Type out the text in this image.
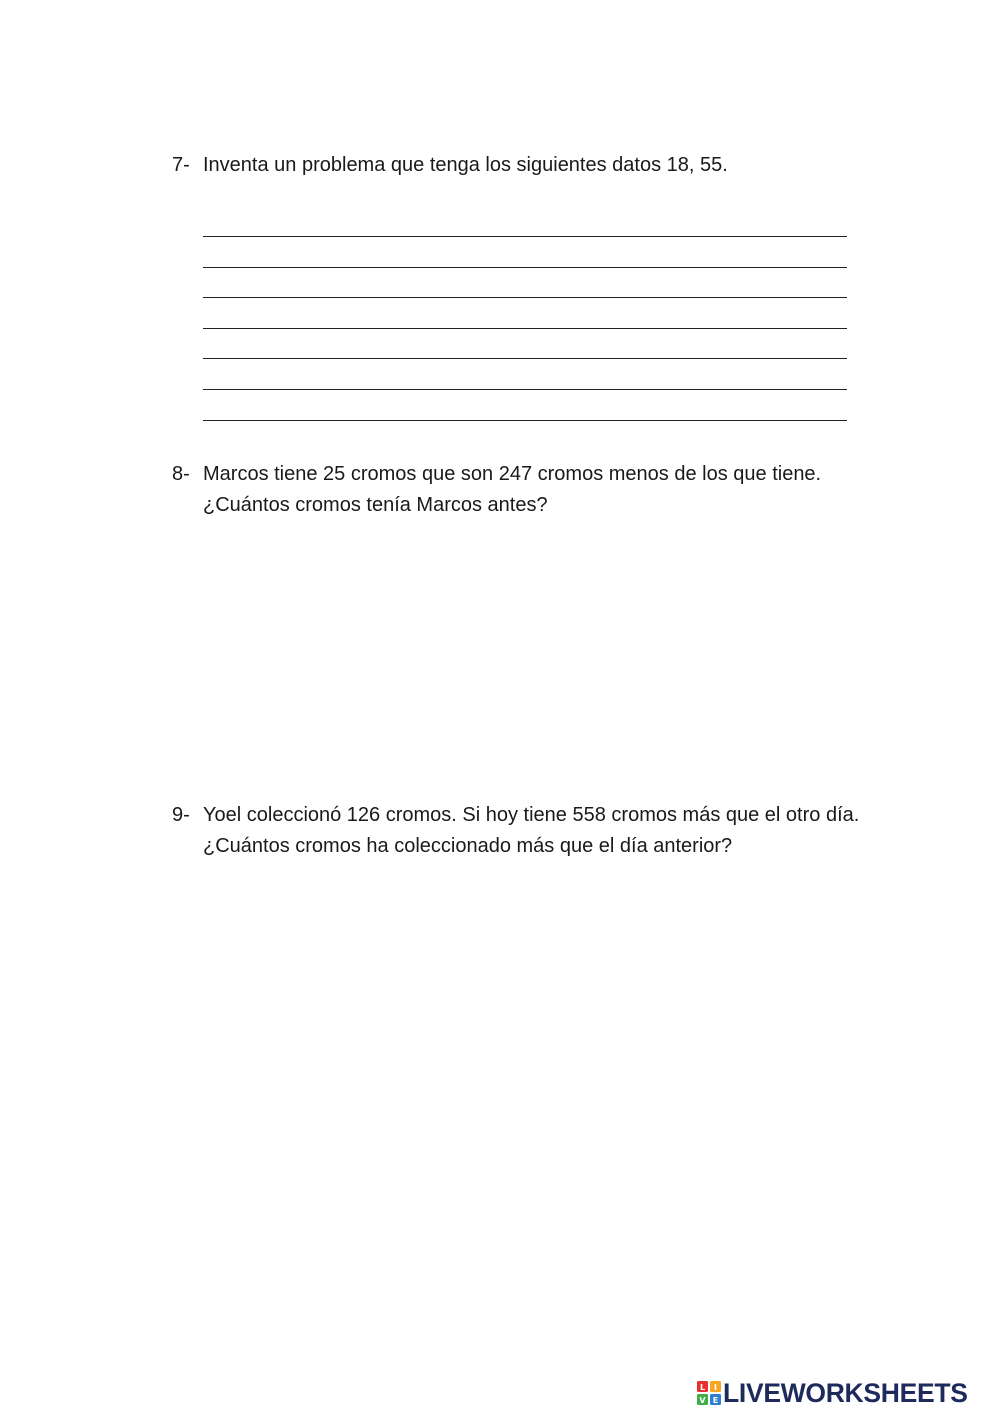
7- Inventa un problema que tenga los siguientes datos 18, 55.
8- Marcos tiene 25 cromos que son 247 cromos menos de los que tiene. ¿Cuántos cromos tenía Marcos antes?
9- Yoel coleccionó 126 cromos. Si hoy tiene 558 cromos más que el otro día. ¿Cuántos cromos ha coleccionado más que el día anterior?
L I
V E LIVEWORKSHEETS
